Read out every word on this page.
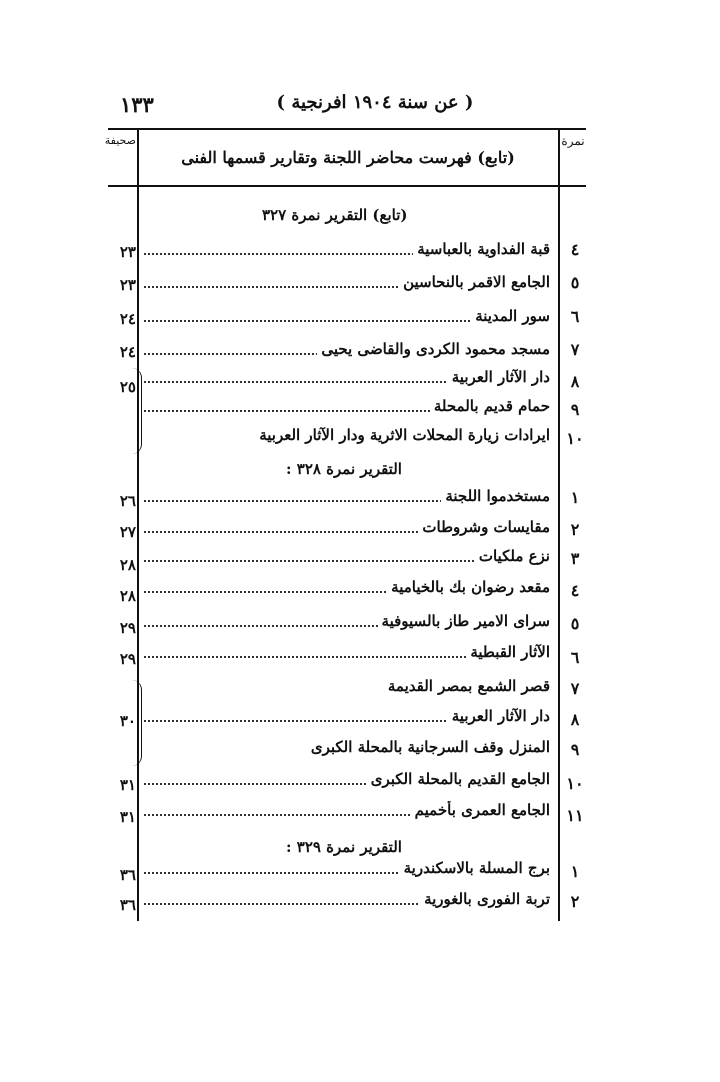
١٣٣	( عن سنة ١٩٠٤ افرنجية )
نمرة
صحيفة
(تابع) فهرست محاضر اللجنة وتقارير قسمها الفنى
(تابع) التقرير نمرة ٣٢٧
٤
قبة الفداوية بالعباسية
٢٣
٥
الجامع الاقمر بالنحاسين
٢٣
٦
سور المدينة
٢٤
٧
مسجد محمود الكردى والقاضى يحيى
٢٤
٨
دار الآثار العربية
٩
حمام قديم بالمحلة
٢٥
١٠
ايرادات زيارة المحلات الاثرية ودار الآثار العربية
التقرير نمرة ٣٢٨ :
١
مستخدموا اللجنة
٢٦
٢
مقايسات وشروطات
٢٧
٣
نزع ملكيات
٢٨
٤
مقعد رضوان بك بالخيامية
٢٨
٥
سراى الامير طاز بالسيوفية
٢٩
٦
الآثار القبطية
٢٩
٧
قصر الشمع بمصر القديمة
٨
دار الآثار العربية
٣٠
٩
المنزل وقف السرجانية بالمحلة الكبرى
١٠
الجامع القديم بالمحلة الكبرى
٣١
١١
الجامع العمرى بأخميم
٣١
التقرير نمرة ٣٢٩ :
١
برج المسلة بالاسكندرية
٣٦
٢
تربة الفورى بالغورية
٣٦
